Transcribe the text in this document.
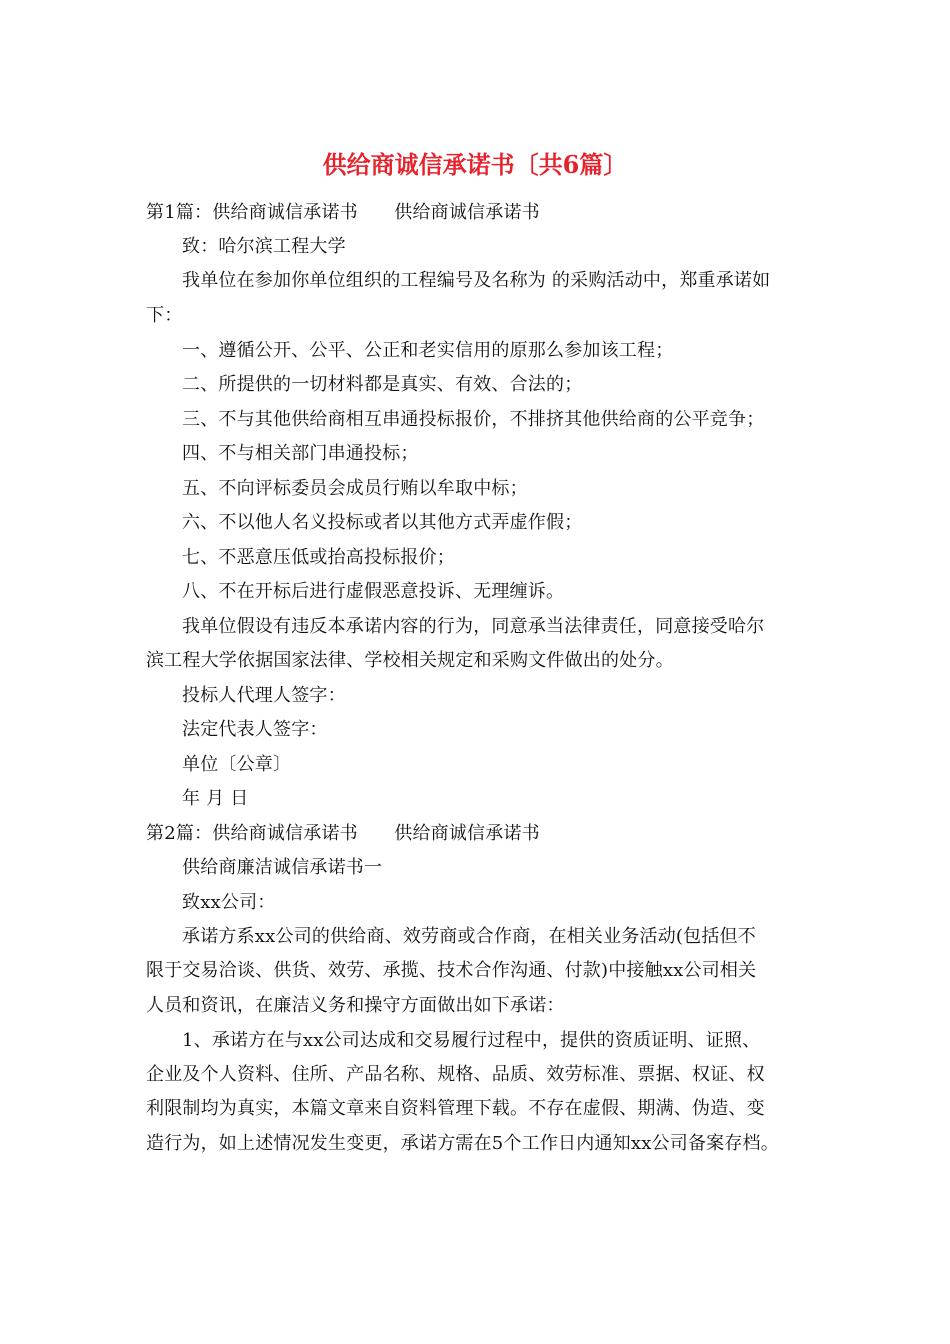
供给商诚信承诺书〔共6篇〕
第1篇：供给商诚信承诺书　　供给商诚信承诺书
致：哈尔滨工程大学
我单位在参加你单位组织的工程编号及名称为 的采购活动中，郑重承诺如
下：
一、遵循公开、公平、公正和老实信用的原那么参加该工程；
二、所提供的一切材料都是真实、有效、合法的；
三、不与其他供给商相互串通投标报价，不排挤其他供给商的公平竞争；
四、不与相关部门串通投标；
五、不向评标委员会成员行贿以牟取中标；
六、不以他人名义投标或者以其他方式弄虚作假；
七、不恶意压低或抬高投标报价；
八、不在开标后进行虚假恶意投诉、无理缠诉。
我单位假设有违反本承诺内容的行为，同意承当法律责任，同意接受哈尔
滨工程大学依据国家法律、学校相关规定和采购文件做出的处分。
投标人代理人签字：
法定代表人签字：
单位〔公章〕
年 月 日
第2篇：供给商诚信承诺书　　供给商诚信承诺书
供给商廉洁诚信承诺书一
致xx公司：
承诺方系xx公司的供给商、效劳商或合作商，在相关业务活动(包括但不
限于交易洽谈、供货、效劳、承揽、技术合作沟通、付款)中接触xx公司相关
人员和资讯，在廉洁义务和操守方面做出如下承诺：
1、承诺方在与xx公司达成和交易履行过程中，提供的资质证明、证照、
企业及个人资料、住所、产品名称、规格、品质、效劳标准、票据、权证、权
利限制均为真实，本篇文章来自资料管理下载。不存在虚假、期满、伪造、变
造行为，如上述情况发生变更，承诺方需在5个工作日内通知xx公司备案存档。
